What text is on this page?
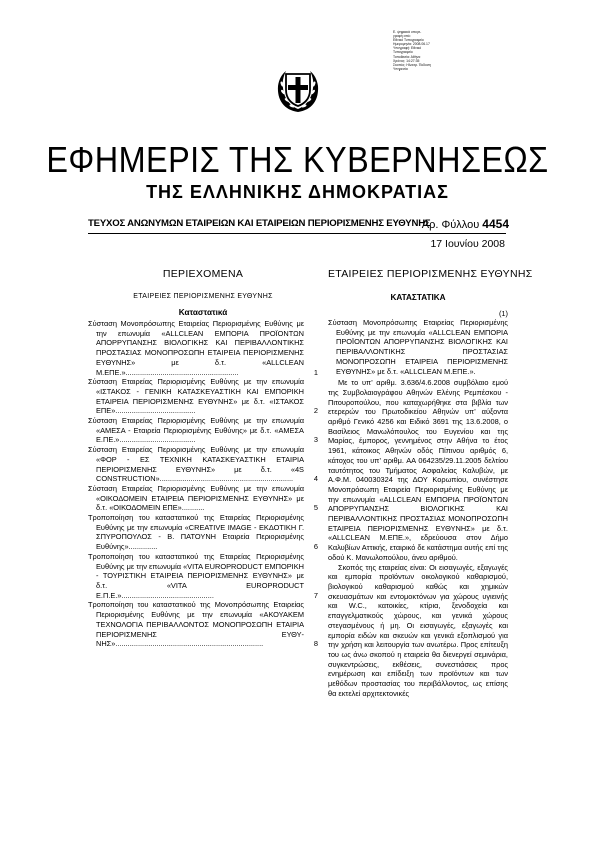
Ε. ψηφιακά υπογε-
γραφή από:
Εθνικό Τυπογραφείο
Ημερομηνία: 2008.06.17
Υπογραφή: Εθνικό
Τυπογραφείο
Τοποθεσία: Αθήνα
Χρόνος: 14:27:35
Σκοπός: Ηλεκτρ. Έκδοση
Υπηρεσία
ΕΦΗΜΕΡΙΣ ΤΗΣ ΚΥΒΕΡΝΗΣΕΩΣ
ΤΗΣ ΕΛΛΗΝΙΚΗΣ ΔΗΜΟΚΡΑΤΙΑΣ
ΤΕΥΧΟΣ ΑΝΩΝΥΜΩΝ ΕΤΑΙΡΕΙΩΝ ΚΑΙ ΕΤΑΙΡΕΙΩΝ ΠΕΡΙΟΡΙΣΜΕΝΗΣ ΕΥΘΥΝΗΣ
Αρ. Φύλλου 4454
17 Ιουνίου 2008
ΠΕΡΙΕΧΟΜΕΝΑ
ΕΤΑΙΡΕΙΕΣ ΠΕΡΙΟΡΙΣΜΕΝΗΣ ΕΥΘΥΝΗΣ
Καταστατικά
Σύσταση Μονοπρόσωπης Εταιρείας Περιορισμένης Ευθύνης με την επωνυμία «ALLCLEAN ΕΜΠΟΡΙΑ ΠΡΟΪΟΝΤΩΝ ΑΠΟΡΡΥΠΑΝΣΗΣ ΒΙΟΛΟΓΙΚΗΣ ΚΑΙ ΠΕΡΙΒΑΛΛΟΝΤΙΚΗΣ ΠΡΟΣΤΑΣΙΑΣ ΜΟΝΟΠΡΟΣΩΠΗ ΕΤΑΙΡΕΙΑ ΠΕΡΙΟΡΙΣΜΕΝΗΣ ΕΥΘΥΝΗΣ» με δ.τ. «ALLCLEAN Μ.ΕΠΕ.».......................................................	1
Σύσταση Εταιρείας Περιορισμένης Ευθύνης με την επωνυμία «ΙΣΤΑΚΟΣ - ΓΕΝΙΚΗ ΚΑΤΑΣΚΕΥΑΣΤΙΚΗ ΚΑΙ ΕΜΠΟΡΙΚΗ ΕΤΑΙΡΕΙΑ ΠΕΡΙΟΡΙΣΜΕΝΗΣ ΕΥΘΥΝΗΣ» με δ.τ. «ΙΣΤΑΚΟΣ ΕΠΕ».......................................	2
Σύσταση Εταιρείας Περιορισμένης Ευθύνης με την επωνυμία «ΑΜΕΣΑ - Εταιρεία Περιορισμένης Ευθύνης» με δ.τ. «ΑΜΕΣΑ Ε.ΠΕ.».....................................	3
Σύσταση Εταιρείας Περιορισμένης Ευθύνης με την επωνυμία «ΦΟΡ - ΕΣ ΤΕΧΝΙΚΗ ΚΑΤΑΣΚΕΥΑΣΤΙΚΗ ΕΤΑΙΡΙΑ ΠΕΡΙΟΡΙΣΜΕΝΗΣ ΕΥΘΥΝΗΣ» με δ.τ. «4S CONSTRUCTION».................................................................	4
Σύσταση Εταιρείας Περιορισμένης Ευθύνης με την επωνυμία «ΟΙΚΟΔΟΜΕΙΝ ΕΤΑΙΡΕΙΑ ΠΕΡΙΟΡΙΣΜΕΝΗΣ ΕΥΘΥΝΗΣ» με δ.τ. «ΟΙΚΟΔΟΜΕΙΝ ΕΠΕ»...........	5
Τροποποίηση του καταστατικού της Εταιρείας Περιορισμένης Ευθύνης με την επωνυμία «CREATIVE IMAGE - ΕΚΔΟΤΙΚΗ Γ. ΣΠΥΡΟΠΟΥΛΟΣ - Β. ΠΑΤΟΥΝΗ Εταιρεία Περιορισμένης Ευθύνης»..............	6
Τροποποίηση του καταστατικού της Εταιρείας Περιορισμένης Ευθύνης με την επωνυμία «VITA EUROPRODUCT ΕΜΠΟΡΙΚΗ - ΤΟΥΡΙΣΤΙΚΗ ΕΤΑΙΡΕΙΑ ΠΕΡΙΟΡΙΣΜΕΝΗΣ ΕΥΘΥΝΗΣ» με δ.τ. «VITA EUROPRODUCT Ε.Π.Ε.».............................................	7
Τροποποίηση του καταστατικού της Μονοπρόσωπης Εταιρείας Περιορισμένης Ευθύνης με την επωνυμία «ΑΚΟΥΑΚΕΜ ΤΕΧΝΟΛΟΓΙΑ ΠΕΡΙΒΑΛΛΟΝΤΟΣ ΜΟΝΟΠΡΟΣΩΠΗ ΕΤΑΙΡΙΑ ΠΕΡΙΟΡΙΣΜΕΝΗΣ ΕΥΘΥΝΗΣ»........................................................................	8
ΕΤΑΙΡΕΙΕΣ ΠΕΡΙΟΡΙΣΜΕΝΗΣ ΕΥΘΥΝΗΣ
ΚΑΤΑΣΤΑΤΙΚΑ
(1)
Σύσταση Μονοπρόσωπης Εταιρείας Περιορισμένης Ευθύνης με την επωνυμία «ALLCLEAN ΕΜΠΟΡΙΑ ΠΡΟΪΟΝΤΩΝ ΑΠΟΡΡΥΠΑΝΣΗΣ ΒΙΟΛΟΓΙΚΗΣ ΚΑΙ ΠΕΡΙΒΑΛΛΟΝΤΙΚΗΣ ΠΡΟΣΤΑΣΙΑΣ ΜΟΝΟΠΡΟΣΩΠΗ ΕΤΑΙΡΕΙΑ ΠΕΡΙΟΡΙΣΜΕΝΗΣ ΕΥΘΥΝΗΣ» με δ.τ. «ALLCLEAN Μ.ΕΠΕ.».
Με το υπ’ αριθμ. 3.636/4.6.2008 συμβόλαιο εμού της Συμβολαιογράφου Αθηνών Ελένης Ρεμπέσκου - Πιτουροπούλου, που καταχωρήθηκε στα βιβλία των ετερερών του Πρωτοδικείου Αθηνών υπ’ αύξοντα αριθμό Γενικό 4256 και Ειδικό 3691 της 13.6.2008, ο Βασίλειος Μανωλόπουλος του Ευγενίου και της Μαρίας, έμπορος, γεννημένος στην Αθήνα το έτος 1961, κάτοικος Αθηνών οδός Πίπινου αριθμός 6, κάτοχος του υπ’ αριθμ. ΑΑ 064235/29.11.2005 δελτίου ταυτότητος του Τμήματος Ασφαλείας Καλυβών, με Α.Φ.Μ. 040030324 της ΔΟΥ Κορωπίου, συνέστησε Μονοπρόσωπη Εταιρεία Περιορισμένης Ευθύνης με την επωνυμία «ALLCLEAN ΕΜΠΟΡΙΑ ΠΡΟΪΟΝΤΩΝ ΑΠΟΡΡΥΠΑΝΣΗΣ ΒΙΟΛΟΓΙΚΗΣ ΚΑΙ ΠΕΡΙΒΑΛΛΟΝΤΙΚΗΣ ΠΡΟΣΤΑΣΙΑΣ ΜΟΝΟΠΡΟΣΩΠΗ ΕΤΑΙΡΕΙΑ ΠΕΡΙΟΡΙΣΜΕΝΗΣ ΕΥΘΥΝΗΣ» με δ.τ. «ALLCLEAN Μ.ΕΠΕ.», εδρεύουσα στον Δήμο Καλυβίων Αττικής, εταιρικό δε κατάστημα αυτής επί της οδού Κ. Μανωλοπούλου, άνευ αριθμού.
Σκοπός της εταιρείας είναι: Οι εισαγωγές, εξαγωγές και εμπορία προϊόντων οικολογικού καθαρισμού, βιολογικού καθαρισμού καθώς και χημικών σκευασμάτων και εντομοκτόνων για χώρους υγιεινής και W.C., κατοικίες, κτίρια, ξενοδοχεία και επαγγελματικούς χώρους, και γενικά χώρους στεγασμένους ή μη. Οι εισαγωγές, εξαγωγές και εμπορία ειδών και σκευών και γενικά εξοπλισμού για την χρήση και λειτουργία των ανωτέρω. Προς επίτευξη του ως άνω σκοπού η εταιρεία θα διενεργεί σεμινάρια, συγκεντρώσεις, εκθέσεις, συνεστιάσεις προς ενημέρωση και επίδειξη των προϊόντων και των μεθόδων προστασίας του περιβάλλοντος, ως επίσης θα εκτελεί αρχιτεκτονικές
